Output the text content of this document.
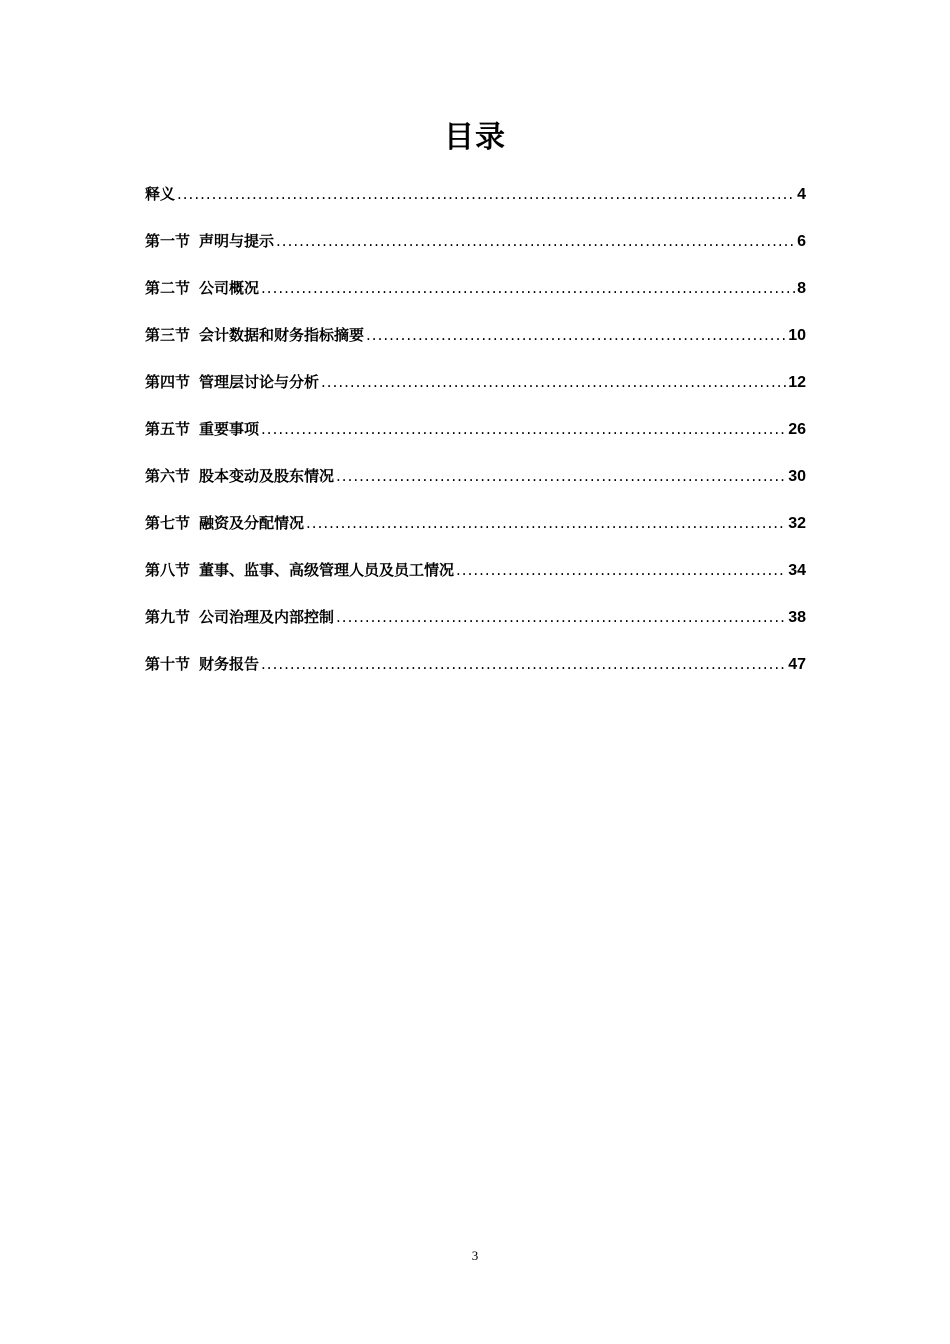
目录
释义 .....	4
第一节 声明与提示 .....	6
第二节 公司概况 .....	8
第三节 会计数据和财务指标摘要 .....	10
第四节 管理层讨论与分析 .....	12
第五节 重要事项 .....	26
第六节 股本变动及股东情况 .....	30
第七节 融资及分配情况 .....	32
第八节 董事、监事、高级管理人员及员工情况 .....	34
第九节 公司治理及内部控制 .....	38
第十节 财务报告 .....	47
3
